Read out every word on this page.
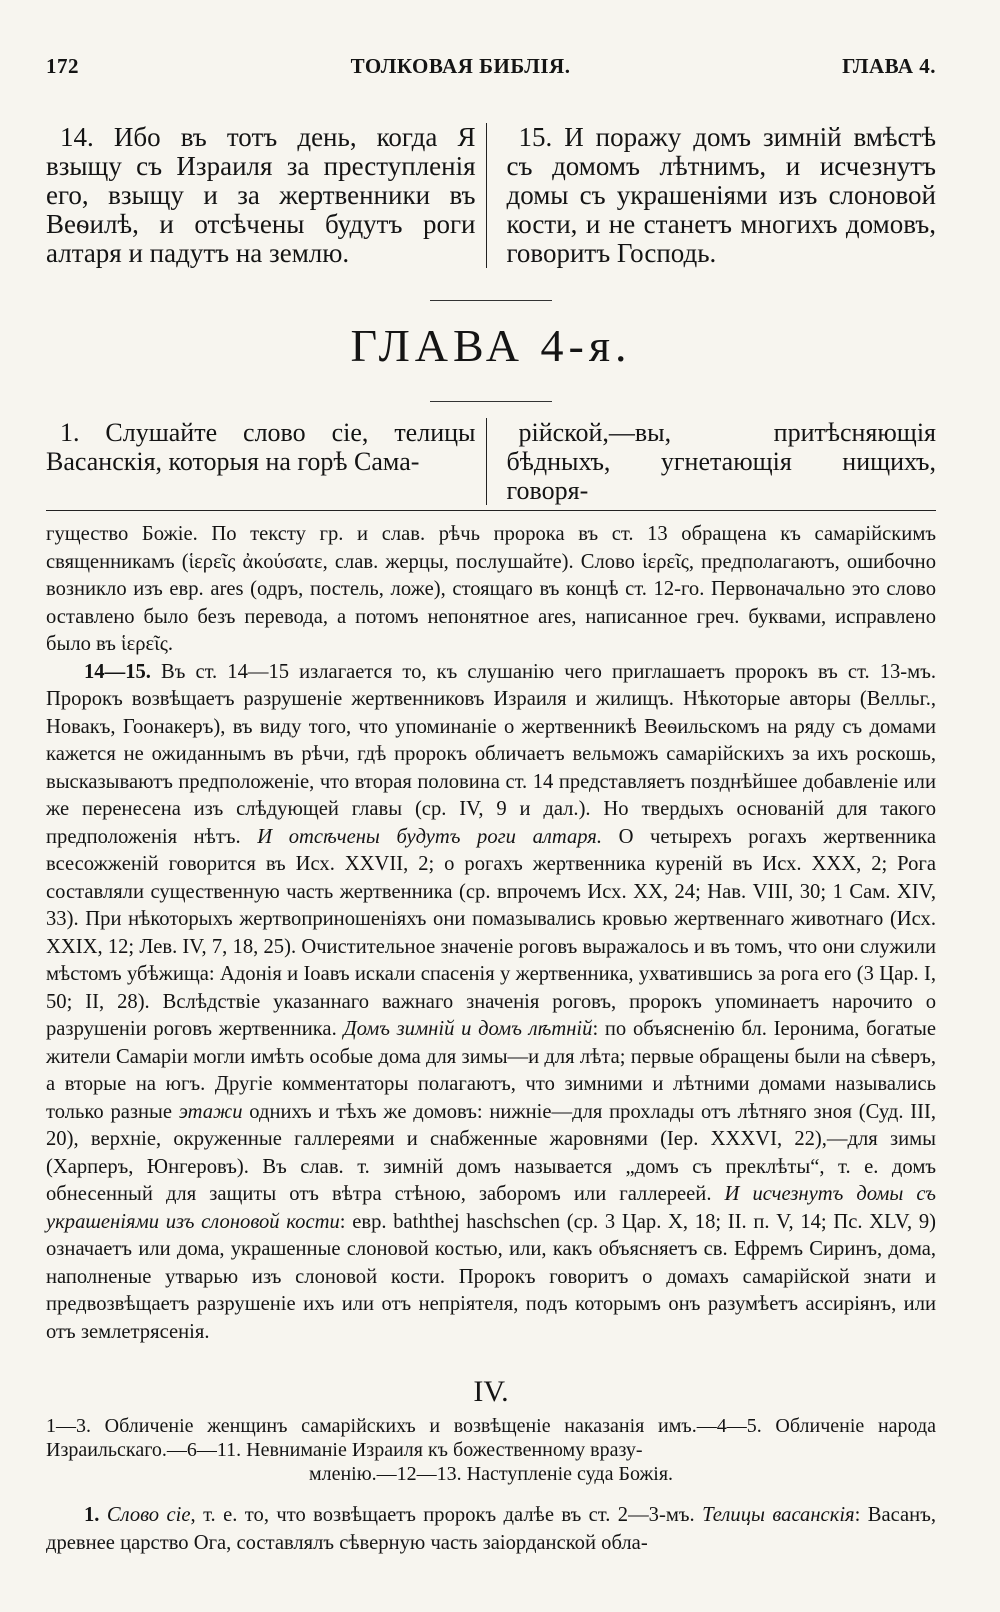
172	ТОЛКОВАЯ БИБЛІЯ.	ГЛАВА 4.
14. Ибо въ тотъ день, когда Я взыщу съ Израиля за преступленія его, взыщу и за жертвенники въ Веѳилѣ, и отсѣчены будутъ роги алтаря и падутъ на землю.
15. И поражу домъ зимній вмѣстѣ съ домомъ лѣтнимъ, и исчезнутъ домы съ украшеніями изъ слоновой кости, и не станетъ многихъ домовъ, говоритъ Господь.
ГЛАВА 4-я.
1. Слушайте слово сіе, телицы Васанскія, которыя на горѣ Сама-
рійской,—вы, притѣсняющія бѣдныхъ, угнетающія нищихъ, говоря-

гущество Божіе. По тексту гр. и слав. рѣчь пророка въ ст. 13 обращена къ самарійскимъ священникамъ (ἱερεῖς ἀκούσατε, слав. жерцы, послушайте). Слово ἱερεῖς, предполагаютъ, ошибочно возникло изъ евр. ares (одръ, постель, ложе), стоящаго въ концѣ ст. 12-го. Первоначально это слово оставлено было безъ перевода, а потомъ непонятное ares, написанное греч. буквами, исправлено было въ ἱερεῖς.

14—15. Въ ст. 14—15 излагается то, къ слушанію чего приглашаетъ пророкъ въ ст. 13-мъ. Пророкъ возвѣщаетъ разрушеніе жертвенниковъ Израиля и жилищъ. Нѣкоторые авторы (Велльг., Новакъ, Гоонакеръ), въ виду того, что упоминаніе о жертвенникѣ Веѳильскомъ на ряду съ домами кажется не ожиданнымъ въ рѣчи, гдѣ пророкъ обличаетъ вельможъ самарійскихъ за ихъ роскошь, высказываютъ предположеніе, что вторая половина ст. 14 представляетъ позднѣйшее добавленіе или же перенесена изъ слѣдующей главы (ср. IV, 9 и дал.). Но твердыхъ основаній для такого предположенія нѣтъ. И отсѣчены будутъ роги алтаря. О четырехъ рогахъ жертвенника всесожженій говорится въ Исх. XXVII, 2; о рогахъ жертвенника куреній въ Исх. XXX, 2; Рога составляли существенную часть жертвенника (ср. впрочемъ Исх. XX, 24; Нав. VIII, 30; 1 Сам. XIV, 33). При нѣкоторыхъ жертвоприношеніяхъ они помазывались кровью жертвеннаго животнаго (Исх. XXIX, 12; Лев. IV, 7, 18, 25). Очистительное значеніе роговъ выражалось и въ томъ, что они служили мѣстомъ убѣжища: Адонія и Іоавъ искали спасенія у жертвенника, ухватившись за рога его (3 Цар. I, 50; II, 28). Вслѣдствіе указаннаго важнаго значенія роговъ, пророкъ упоминаетъ нарочито о разрушеніи роговъ жертвенника. Домъ зимній и домъ лѣтній: по объясненію бл. Іеронима, богатые жители Самаріи могли имѣть особые дома для зимы—и для лѣта; первые обращены были на сѣверъ, а вторые на югъ. Другіе комментаторы полагаютъ, что зимними и лѣтними домами назывались только разные этажи однихъ и тѣхъ же домовъ: нижніе—для прохлады отъ лѣтняго зноя (Суд. III, 20), верхніе, окруженные галлереями и снабженные жаровнями (Іер. XXXVI, 22),—для зимы (Харперъ, Юнгеровъ). Въ слав. т. зимній домъ называется „домъ съ преклѣты“, т. е. домъ обнесенный для защиты отъ вѣтра стѣною, заборомъ или галлереей. И исчезнутъ домы съ украшеніями изъ слоновой кости: евр. baththej haschschen (ср. 3 Цар. X, 18; II. п. V, 14; Пс. XLV, 9) означаетъ или дома, украшенные слоновой костью, или, какъ объясняетъ св. Ефремъ Сиринъ, дома, наполненые утварью изъ слоновой кости. Пророкъ говоритъ о домахъ самарійской знати и предвозвѣщаетъ разрушеніе ихъ или отъ непріятеля, подъ которымъ онъ разумѣетъ ассиріянъ, или отъ землетрясенія.

IV.
1—3. Обличеніе женщинъ самарійскихъ и возвѣщеніе наказанія имъ.—4—5. Обличеніе народа Израильскаго.—6—11. Невниманіе Израиля къ божественному вразу-
мленію.—12—13. Наступленіе суда Божія.
1. Слово сіе, т. е. то, что возвѣщаетъ пророкъ далѣе въ ст. 2—3-мъ. Телицы васанскія: Васанъ, древнее царство Ога, составлялъ сѣверную часть заіорданской обла-
